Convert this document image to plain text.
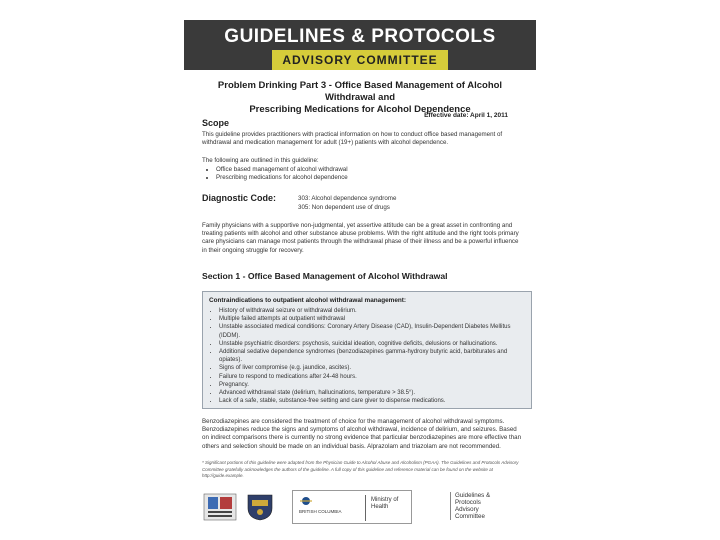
GUIDELINES & PROTOCOLS
ADVISORY COMMITTEE
Problem Drinking Part 3 - Office Based Management of Alcohol Withdrawal and
Prescribing Medications for Alcohol Dependence
Effective date: April 1, 2011
Scope
This guideline provides practitioners with practical information on how to conduct office based management of withdrawal and medication management for adult (19+) patients with alcohol dependence.
The following are outlined in this guideline:
• Office based management of alcohol withdrawal
• Prescribing medications for alcohol dependence
Diagnostic Code:	303: Alcohol dependence syndrome
305: Non dependent use of drugs
Family physicians with a supportive non-judgmental, yet assertive attitude can be a great asset in confronting and treating patients with alcohol and other substance abuse problems. With the right attitude and the right tools primary care physicians can manage most patients through the withdrawal phase of their illness and be a powerful influence in their ongoing struggle for recovery.
Section 1 - Office Based Management of Alcohol Withdrawal
Contraindications to outpatient alcohol withdrawal management:
• History of withdrawal seizure or withdrawal delirium.
• Multiple failed attempts at outpatient withdrawal
• Unstable associated medical conditions: Coronary Artery Disease (CAD), Insulin-Dependent Diabetes Mellitus (IDDM).
• Unstable psychiatric disorders: psychosis, suicidal ideation, cognitive deficits, delusions or hallucinations.
• Additional sedative dependence syndromes (benzodiazepines gamma-hydroxy butyric acid, barbiturates and opiates).
• Signs of liver compromise (e.g. jaundice, ascites).
• Failure to respond to medications after 24-48 hours.
• Pregnancy.
• Advanced withdrawal state (delirium, hallucinations, temperature > 38.5°).
• Lack of a safe, stable, substance-free setting and care giver to dispense medications.
Benzodiazepines are considered the treatment of choice for the management of alcohol withdrawal symptoms. Benzodiazepines reduce the signs and symptoms of alcohol withdrawal, incidence of delirium, and seizures. Based on indirect comparisons there is currently no strong evidence that particular benzodiazepines are more effective than others and selection should be made on an individual basis. Alprazolam and triazolam are not recommended.
* Significant portions of this guideline were adapted from the Physician Guide to Alcohol Abuse and Alcoholism (PGAA). The Guidelines and Protocols Advisory Committee gratefully acknowledges the authors of the guideline. A full copy of this guideline and reference material can be found on the website at http://guide.example.
BRITISH COLUMBIA
Ministry of Health
Guidelines &
Protocols
Advisory
Committee
